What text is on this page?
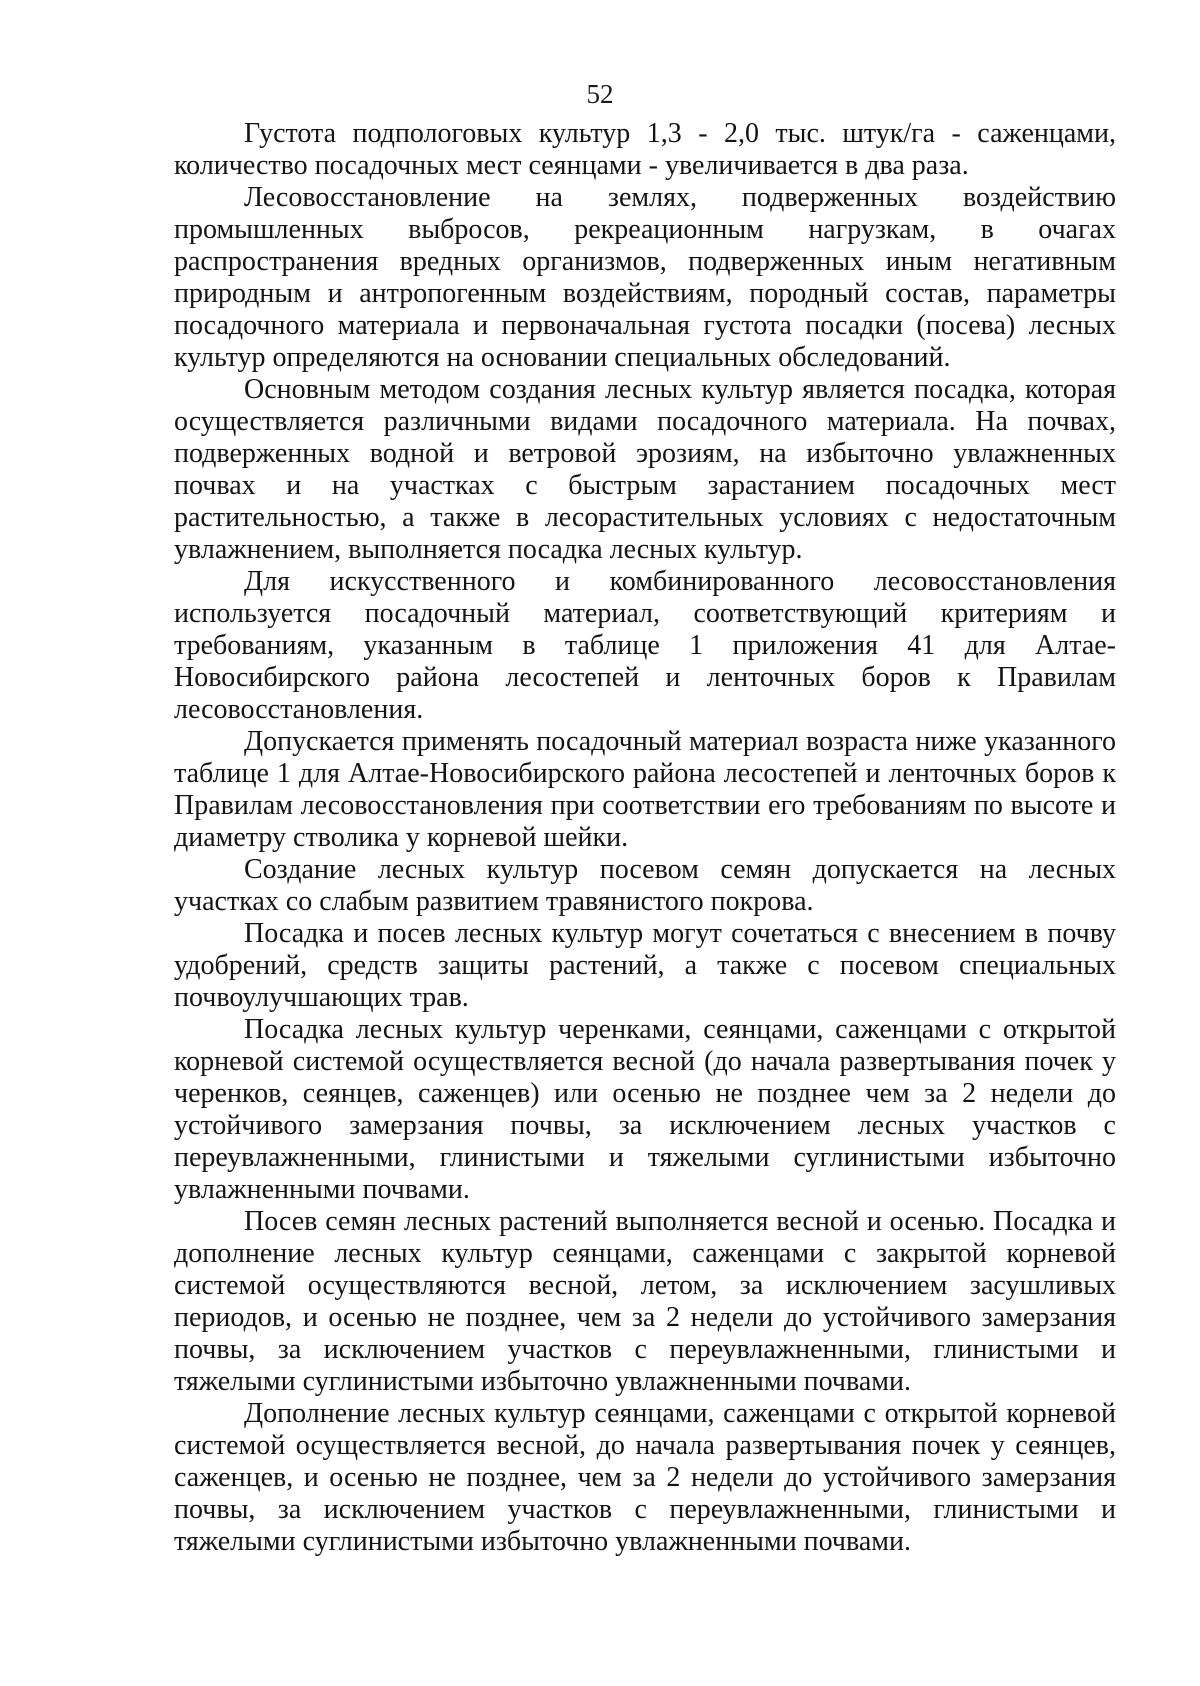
52

Густота подпологовых культур 1,3 - 2,0 тыс. штук/га - саженцами, количество посадочных мест сеянцами - увеличивается в два раза.

Лесовосстановление на землях, подверженных воздействию промышленных выбросов, рекреационным нагрузкам, в очагах распространения вредных организмов, подверженных иным негативным природным и антропогенным воздействиям, породный состав, параметры посадочного материала и первоначальная густота посадки (посева) лесных культур определяются на основании специальных обследований.

Основным методом создания лесных культур является посадка, которая осуществляется различными видами посадочного материала. На почвах, подверженных водной и ветровой эрозиям, на избыточно увлажненных почвах и на участках с быстрым зарастанием посадочных мест растительностью, а также в лесорастительных условиях с недостаточным увлажнением, выполняется посадка лесных культур.

Для искусственного и комбинированного лесовосстановления используется посадочный материал, соответствующий критериям и требованиям, указанным в таблице 1 приложения 41 для Алтае-Новосибирского района лесостепей и ленточных боров к Правилам лесовосстановления.

Допускается применять посадочный материал возраста ниже указанного таблице 1 для Алтае-Новосибирского района лесостепей и ленточных боров к Правилам лесовосстановления при соответствии его требованиям по высоте и диаметру стволика у корневой шейки.

Создание лесных культур посевом семян допускается на лесных участках со слабым развитием травянистого покрова.

Посадка и посев лесных культур могут сочетаться с внесением в почву удобрений, средств защиты растений, а также с посевом специальных почвоулучшающих трав.

Посадка лесных культур черенками, сеянцами, саженцами с открытой корневой системой осуществляется весной (до начала развертывания почек у черенков, сеянцев, саженцев) или осенью не позднее чем за 2 недели до устойчивого замерзания почвы, за исключением лесных участков с переувлажненными, глинистыми и тяжелыми суглинистыми избыточно увлажненными почвами.

Посев семян лесных растений выполняется весной и осенью. Посадка и дополнение лесных культур сеянцами, саженцами с закрытой корневой системой осуществляются весной, летом, за исключением засушливых периодов, и осенью не позднее, чем за 2 недели до устойчивого замерзания почвы, за исключением участков с переувлажненными, глинистыми и тяжелыми суглинистыми избыточно увлажненными почвами.

Дополнение лесных культур сеянцами, саженцами с открытой корневой системой осуществляется весной, до начала развертывания почек у сеянцев, саженцев, и осенью не позднее, чем за 2 недели до устойчивого замерзания почвы, за исключением участков с переувлажненными, глинистыми и тяжелыми суглинистыми избыточно увлажненными почвами.
